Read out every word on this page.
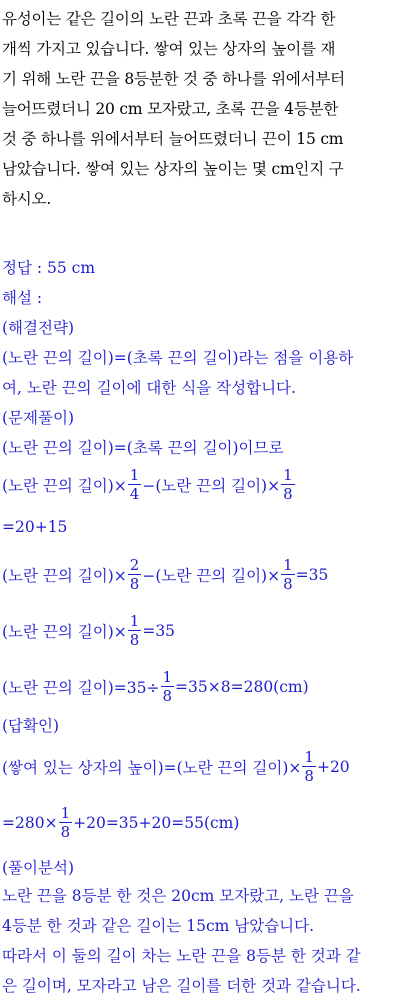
유성이는 같은 길이의 노란 끈과 초록 끈을 각각 한
개씩 가지고 있습니다. 쌓여 있는 상자의 높이를 재
기 위해 노란 끈을 8등분한 것 중 하나를 위에서부터
늘어뜨렸더니 20 cm 모자랐고, 초록 끈을 4등분한
것 중 하나를 위에서부터 늘어뜨렸더니 끈이 15 cm
남았습니다. 쌓여 있는 상자의 높이는 몇 cm인지 구
하시오.
정답 : 55 cm
해설 :
(해결전략)
(노란 끈의 길이)=(초록 끈의 길이)라는 점을 이용하
여, 노란 끈의 길이에 대한 식을 작성합니다.
(문제풀이)
(노란 끈의 길이)=(초록 끈의 길이)이므로
(노란 끈의 길이)× $\frac{1}{4}$ −(노란 끈의 길이)× $\frac{1}{8}$
=20+15
(노란 끈의 길이)× $\frac{2}{8}$ −(노란 끈의 길이)× $\frac{1}{8} =35$
(노란 끈의 길이)× $\frac{1}{8} =35$
(노란 끈의 길이)$=35\div \frac{1}{8} =35\times 8=280(cm)$
(답확인)
(쌓여 있는 상자의 높이)=(노란 끈의 길이)× $\frac{1}{8} +20$
$=280\times \frac{1}{8} +20=35+20=55(cm)$
(풀이분석)
노란 끈을 8등분 한 것은 20cm 모자랐고, 노란 끈을
4등분 한 것과 같은 길이는 15cm 남았습니다.
따라서 이 둘의 길이 차는 노란 끈을 8등분 한 것과 같
은 길이며, 모자라고 남은 길이를 더한 것과 같습니다.
